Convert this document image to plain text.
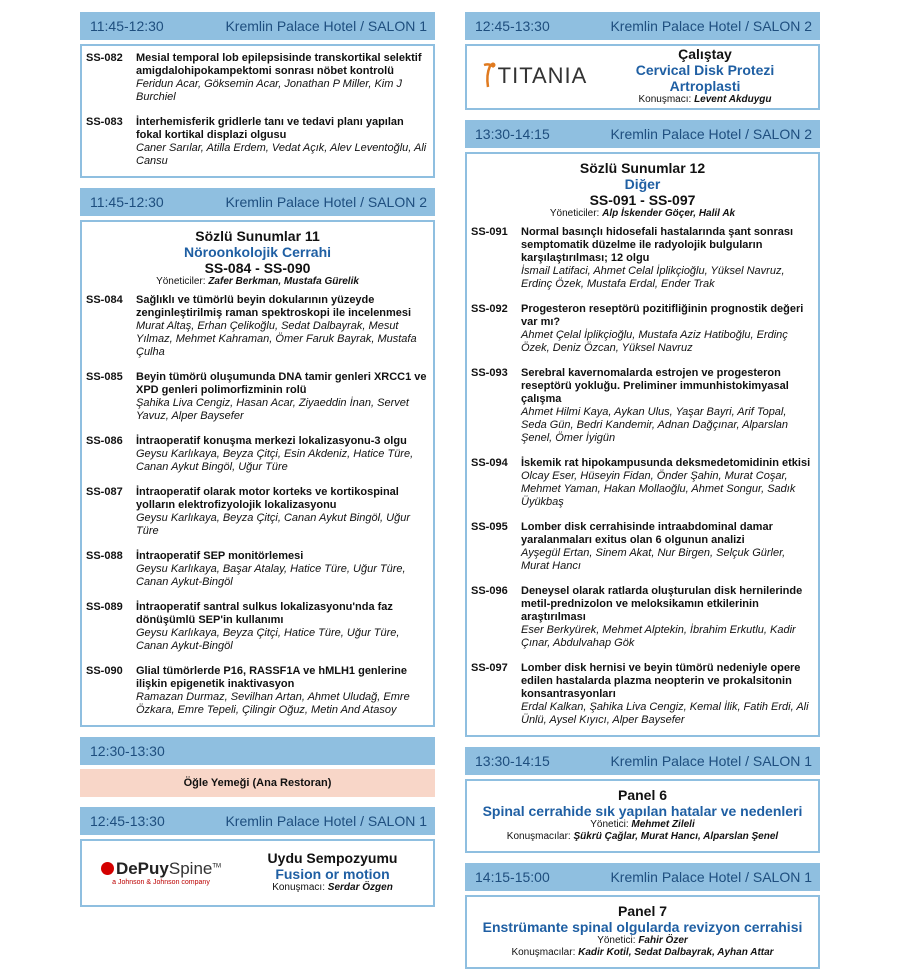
11:45-12:30	Kremlin Palace Hotel / SALON 1
SS-082	Mesial temporal lob epilepsisinde transkortikal selektif amigdalohipokampektomi sonrası nöbet kontrolü
Feridun Acar, Göksemin Acar, Jonathan P Miller, Kim J Burchiel
SS-083	İnterhemisferik gridlerle tanı ve tedavi planı yapılan fokal kortikal displazi olgusu
Caner Sarılar, Atilla Erdem, Vedat Açık, Alev Leventoğlu, Ali Cansu
11:45-12:30	Kremlin Palace Hotel / SALON 2
Sözlü Sunumlar 11
Nöroonkolojik Cerrahi
SS-084 - SS-090
Yöneticiler: Zafer Berkman, Mustafa Gürelik
SS-084	Sağlıklı ve tümörlü beyin dokularının yüzeyde zenginleştirilmiş raman spektroskopi ile incelenmesi
Murat Altaş, Erhan Çelikoğlu, Sedat Dalbayrak, Mesut Yılmaz, Mehmet Kahraman, Ömer Faruk Bayrak, Mustafa Çulha
SS-085	Beyin tümörü oluşumunda DNA tamir genleri XRCC1 ve XPD genleri polimorfizminin rolü
Şahika Liva Cengiz, Hasan Acar, Ziyaeddin İnan, Servet Yavuz, Alper Baysefer
SS-086	İntraoperatif konuşma merkezi lokalizasyonu-3 olgu
Geysu Karlıkaya, Beyza Çitçi, Esin Akdeniz, Hatice Türe, Canan Aykut Bingöl, Uğur Türe
SS-087	İntraoperatif olarak motor korteks ve kortikospinal yolların elektrofizyolojik lokalizasyonu
Geysu Karlıkaya, Beyza Çitçi, Canan Aykut Bingöl, Uğur Türe
SS-088	İntraoperatif SEP monitörlemesi
Geysu Karlıkaya, Başar Atalay, Hatice Türe, Uğur Türe, Canan Aykut-Bingöl
SS-089	İntraoperatif santral sulkus lokalizasyonu'nda faz dönüşümlü SEP'in kullanımı
Geysu Karlıkaya, Beyza Çitçi, Hatice Türe, Uğur Türe, Canan Aykut-Bingöl
SS-090	Glial tümörlerde P16, RASSF1A ve hMLH1 genlerine ilişkin epigenetik inaktivasyon
Ramazan Durmaz, Sevilhan Artan, Ahmet Uludağ, Emre Özkara, Emre Tepeli, Çilingir Oğuz, Metin And Atasoy
12:30-13:30
Öğle Yemeği (Ana Restoran)
12:45-13:30	Kremlin Palace Hotel / SALON 1
DePuySpine™
a Johnson & Johnson company
Uydu Sempozyumu
Fusion or motion
Konuşmacı: Serdar Özgen
12:45-13:30	Kremlin Palace Hotel / SALON 2
TITANIA
Çalıştay
Cervical Disk Protezi
Artroplasti
Konuşmacı: Levent Akduygu
13:30-14:15	Kremlin Palace Hotel / SALON 2
Sözlü Sunumlar 12
Diğer
SS-091 - SS-097
Yöneticiler: Alp İskender Göçer, Halil Ak
SS-091	Normal basınçlı hidosefali hastalarında şant sonrası semptomatik düzelme ile radyolojik bulguların karşılaştırılması; 12 olgu
İsmail Latifaci, Ahmet Celal İplikçioğlu, Yüksel Navruz, Erdinç Özek, Mustafa Erdal, Ender Trak
SS-092	Progesteron reseptörü pozitifliğinin prognostik değeri var mı?
Ahmet Çelal İplikçioğlu, Mustafa Aziz Hatiboğlu, Erdinç Özek, Deniz Özcan, Yüksel Navruz
SS-093	Serebral kavernomalarda estrojen ve progesteron reseptörü yokluğu. Preliminer immunhistokimyasal çalışma
Ahmet Hilmi Kaya, Aykan Ulus, Yaşar Bayri, Arif Topal, Seda Gün, Bedri Kandemir, Adnan Dağçınar, Alparslan Şenel, Ömer İyigün
SS-094	İskemik rat hipokampusunda deksmedetomidinin etkisi
Olcay Eser, Hüseyin Fidan, Önder Şahin, Murat Coşar, Mehmet Yaman, Hakan Mollaoğlu, Ahmet Songur, Sadık Üyükbaş
SS-095	Lomber disk cerrahisinde intraabdominal damar yaralanmaları exitus olan 6 olgunun analizi
Ayşegül Ertan, Sinem Akat, Nur Birgen, Selçuk Gürler, Murat Hancı
SS-096	Deneysel olarak ratlarda oluşturulan disk hernilerinde metil-prednizolon ve meloksikamın etkilerinin araştırılması
Eser Berkyürek, Mehmet Alptekin, İbrahim Erkutlu, Kadir Çınar, Abdulvahap Gök
SS-097	Lomber disk hernisi ve beyin tümörü nedeniyle opere edilen hastalarda plazma neopterin ve prokalsitonin konsantrasyonları
Erdal Kalkan, Şahika Liva Cengiz, Kemal İlik, Fatih Erdi, Ali Ünlü, Aysel Kıyıcı, Alper Baysefer
13:30-14:15	Kremlin Palace Hotel / SALON 1
Panel 6
Spinal cerrahide sık yapılan hatalar ve nedenleri
Yönetici: Mehmet Zileli
Konuşmacılar: Şükrü Çağlar, Murat Hancı, Alparslan Şenel
14:15-15:00	Kremlin Palace Hotel / SALON 1
Panel 7
Enstrümante spinal olgularda revizyon cerrahisi
Yönetici: Fahir Özer
Konuşmacılar: Kadir Kotil, Sedat Dalbayrak, Ayhan Attar
